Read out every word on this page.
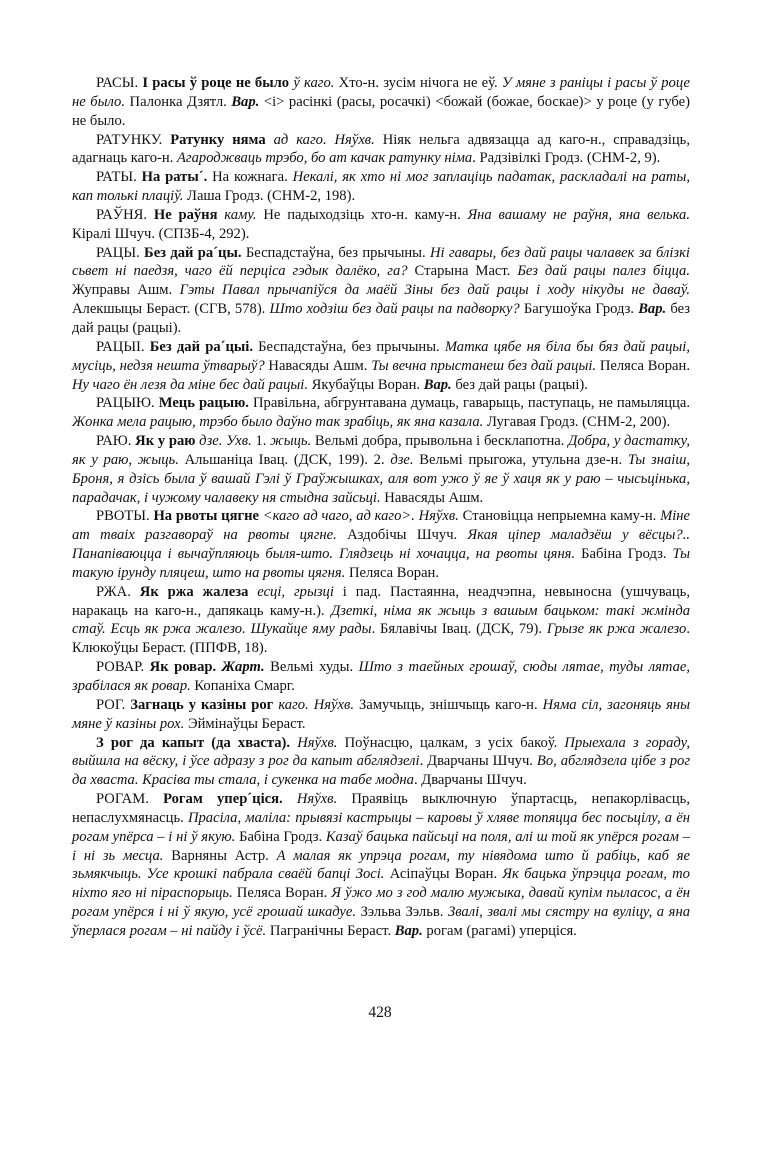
РАСЫ. І расы ў роце не было ў каго. Хто-н. зусім нічога не еў. У мяне з раніцы і расы ў роце не было. Палонка Дзятл. Вар. <і> расінкі (расы, росачкі) <божай (божае, боскае)> у роце (у губе) не было.

РАТУНКУ. Ратунку няма ад каго. Няўхв. Ніяк нельга адвязацца ад каго-н., справадзіць, адагнаць каго-н. Агароджваць трэбо, бо ат качак ратунку німа. Радзівілкі Гродз. (СНМ-2, 9).

РАТЫ. На раты´. На кожнага. Некалі, як хто ні мог заплаціць падатак, раскладалі на раты, кап толькі плаціў. Лаша Гродз. (СНМ-2, 198).

РАЎНЯ. Не раўня каму. Не падыходзіць хто-н. каму-н. Яна вашаму не раўня, яна велька. Кіралі Шчуч. (СПЗБ-4, 292).

РАЦЫ. Без дай ра´цы. Беспадстаўна, без прычыны. Ні гавары, без дай рацы чалавек за блізкі сьвет ні паедзя, чаго ёй перціса гэдык далёко, га? Старына Маст. Без дай рацы палез біцца. Жуправы Ашм. Гэты Павал прычапіўся да маёй Зіны без дай рацы і ходу нікуды не даваў. Алекшыцы Бераст. (СГВ, 578). Што ходзіш без дай рацы па падворку? Багушоўка Гродз. Вар. без дай рацы (рацыі).

РАЦЫІ. Без дай ра´цыі. Беспадстаўна, без прычыны. Матка цябе ня біла бы бяз дай рацыі, мусіць, недзя нешта ўтварыў? Навасяды Ашм. Ты вечна прыстанеш без дай рацыі. Пеляса Воран. Ну чаго ён лезя да міне бес дай рацыі. Якубаўцы Воран. Вар. без дай рацы (рацыі).

РАЦЫЮ. Мець рацыю. Правільна, абгрунтавана думаць, гаварыць, паступаць, не памыляцца. Жонка мела рацыю, трэбо было даўно так зрабіць, як яна казала. Лугавая Гродз. (СНМ-2, 200).

РАЮ. Як у раю дзе. Ухв. 1. жыць. Вельмі добра, прывольна і бесклапотна. Добра, у дастатку, як у раю, жыць. Альшаніца Івац. (ДСК, 199). 2. дзе. Вельмі прыгожа, утульна дзе-н. Ты знаіш, Броня, я дзісь была ў вашай Гэлі ў Граўжышках, аля вот ужо ў яе ў хаця як у раю – чысьцінька, парадачак, і чужому чалавеку ня стыдна зайсьці. Навасяды Ашм.

РВОТЫ. На рвоты цягне <каго ад чаго, ад каго>. Няўхв. Становіцца непрыемна каму-н. Міне ат тваіх разгавораў на рвоты цягне. Аздобічы Шчуч. Якая ціпер маладзёш у вёсцы?.. Панапіваюцца і вычаўпляюць быля-што. Глядзець ні хочацца, на рвоты цяня. Бабіна Гродз. Ты такую ірунду пляцеш, што на рвоты цягня. Пеляса Воран.

РЖА. Як ржа жалеза есці, грызці і пад. Пастаянна, неадчэпна, невыносна (ушчуваць, наракаць на каго-н., дапякаць каму-н.). Дзеткі, німа як жыць з вашым бацьком: такі жмінда стаў. Есць як ржа жалезо. Шукайце яму рады. Бялавічы Івац. (ДСК, 79). Грызе як ржа жалезо. Клюкоўцы Бераст. (ППФВ, 18).

РОВАР. Як ровар. Жарт. Вельмі худы. Што з таейных грошаў, сюды лятае, туды лятае, зрабілася як ровар. Копаніха Смарг.

РОГ. Загнаць у казіны рог каго. Няўхв. Замучыць, знішчыць каго-н. Няма сіл, загоняць яны мяне ў казіны рох. Эймінаўцы Бераст.

З рог да капыт (да хваста). Няўхв. Поўнасцю, цалкам, з усіх бакоў. Прыехала з гораду, выйшла на вёску, і ўсе адразу з рог да капыт абглядзелі. Дварчаны Шчуч. Во, абглядзела цібе з рог да хваста. Красіва ты стала, і сукенка на табе модна. Дварчаны Шчуч.

РОГАМ. Рогам упер´ціся. Няўхв. Праявіць выключную ўпартасць, непакорлівасць, непаслухмянасць. Прасіла, маліла: прывязі кастрыцы – каровы ў хляве топяцца бес посьцілу, а ён рогам упёрса – і ні ў якую. Бабіна Гродз. Казаў бацька пайсьці на поля, алі ш той як упёрся рогам – і ні зь месца. Варняны Астр. А малая як упрэца рогам, ту нівядома што й рабіць, каб яе зьмякчыць. Усе крошкі пабрала сваёй бапці Зосі. Асіпаўцы Воран. Як бацька ўпрэцца рогам, то ніхто яго ні піраспорыць. Пеляса Воран. Я ўжо мо з год малю мужыка, давай купім пыласос, а ён рогам упёрся і ні ў якую, усё грошай шкадуе. Зэльва Зэльв. Звалі, звалі мы сястру на вуліцу, а яна ўперлася рогам – ні пайду і ўсё. Пагранічны Бераст. Вар. рогам (рагамі) уперціся.

428
